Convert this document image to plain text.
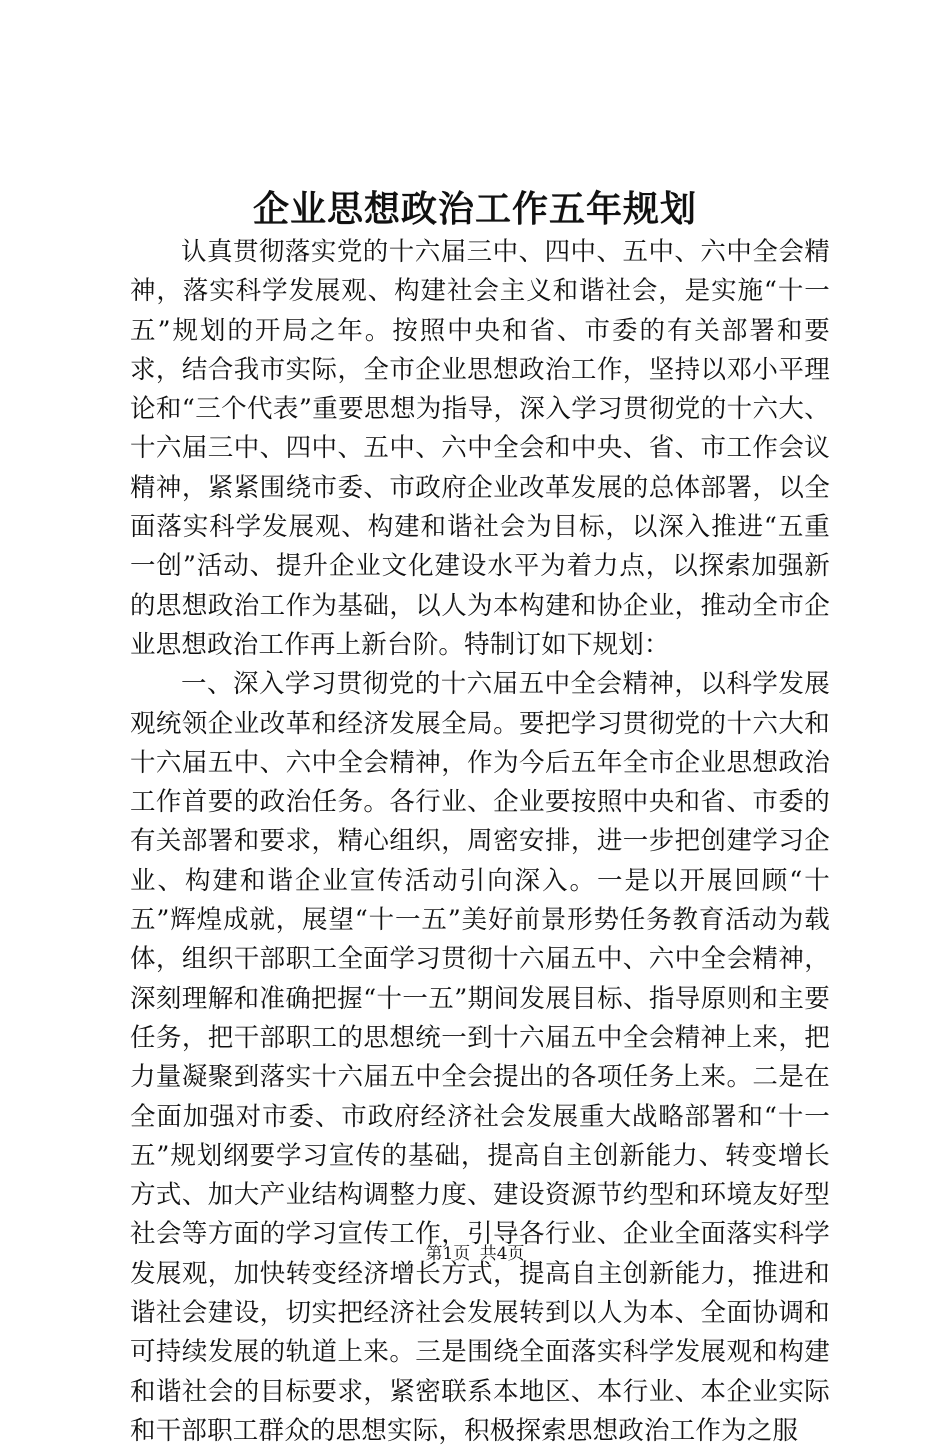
企业思想政治工作五年规划

认真贯彻落实党的十六届三中、四中、五中、六中全会精神，落实科学发展观、构建社会主义和谐社会，是实施“十一五”规划的开局之年。按照中央和省、市委的有关部署和要求，结合我市实际，全市企业思想政治工作，坚持以邓小平理论和“三个代表”重要思想为指导，深入学习贯彻党的十六大、十六届三中、四中、五中、六中全会和中央、省、市工作会议精神，紧紧围绕市委、市政府企业改革发展的总体部署，以全面落实科学发展观、构建和谐社会为目标，以深入推进“五重一创”活动、提升企业文化建设水平为着力点，以探索加强新的思想政治工作为基础，以人为本构建和协企业，推动全市企业思想政治工作再上新台阶。特制订如下规划：

一、深入学习贯彻党的十六届五中全会精神，以科学发展观统领企业改革和经济发展全局。要把学习贯彻党的十六大和十六届五中、六中全会精神，作为今后五年全市企业思想政治工作首要的政治任务。各行业、企业要按照中央和省、市委的有关部署和要求，精心组织，周密安排，进一步把创建学习企业、构建和谐企业宣传活动引向深入。一是以开展回顾“十五”辉煌成就，展望“十一五”美好前景形势任务教育活动为载体，组织干部职工全面学习贯彻十六届五中、六中全会精神，深刻理解和准确把握“十一五”期间发展目标、指导原则和主要任务，把干部职工的思想统一到十六届五中全会精神上来，把力量凝聚到落实十六届五中全会提出的各项任务上来。二是在全面加强对市委、市政府经济社会发展重大战略部署和“十一五”规划纲要学习宣传的基础，提高自主创新能力、转变增长方式、加大产业结构调整力度、建设资源节约型和环境友好型社会等方面的学习宣传工作，引导各行业、企业全面落实科学发展观，加快转变经济增长方式，提高自主创新能力，推进和谐社会建设，切实把经济社会发展转到以人为本、全面协调和可持续发展的轨道上来。三是围绕全面落实科学发展观和构建和谐社会的目标要求，紧密联系本地区、本行业、本企业实际和干部职工群众的思想实际，积极探索思想政治工作为之服

第1页 共4页
